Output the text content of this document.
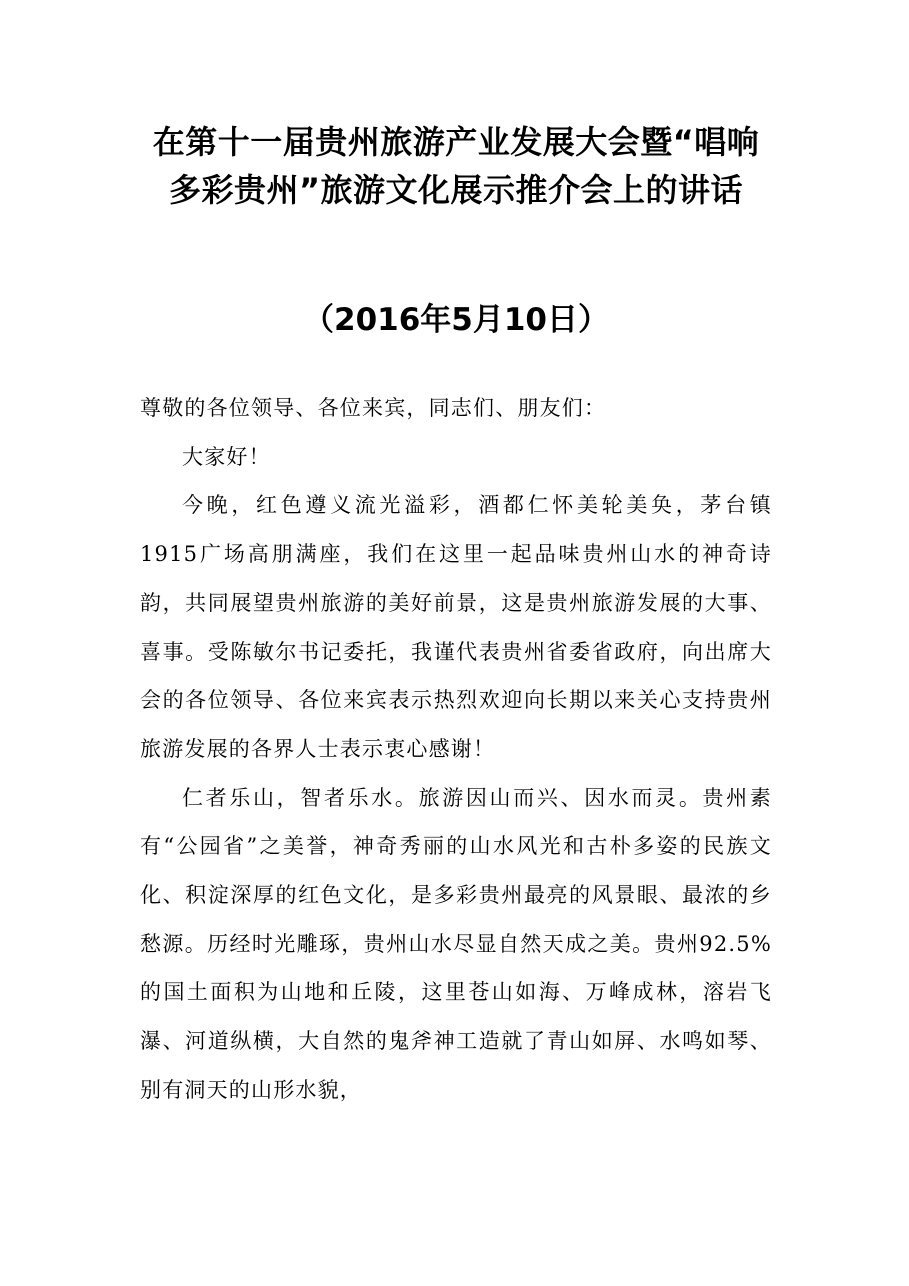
在第十一届贵州旅游产业发展大会暨“唱响多彩贵州”旅游文化展示推介会上的讲话
（2016年5月10日）

尊敬的各位领导、各位来宾，同志们、朋友们：

大家好！

今晚，红色遵义流光溢彩，酒都仁怀美轮美奂，茅台镇1915广场高朋满座，我们在这里一起品味贵州山水的神奇诗韵，共同展望贵州旅游的美好前景，这是贵州旅游发展的大事、喜事。受陈敏尔书记委托，我谨代表贵州省委省政府，向出席大会的各位领导、各位来宾表示热烈欢迎向长期以来关心支持贵州旅游发展的各界人士表示衷心感谢！

仁者乐山，智者乐水。旅游因山而兴、因水而灵。贵州素有“公园省”之美誉，神奇秀丽的山水风光和古朴多姿的民族文化、积淀深厚的红色文化，是多彩贵州最亮的风景眼、最浓的乡愁源。历经时光雕琢，贵州山水尽显自然天成之美。贵州92.5%的国土面积为山地和丘陵，这里苍山如海、万峰成林，溶岩飞瀑、河道纵横，大自然的鬼斧神工造就了青山如屏、水鸣如琴、别有洞天的山形水貌，
